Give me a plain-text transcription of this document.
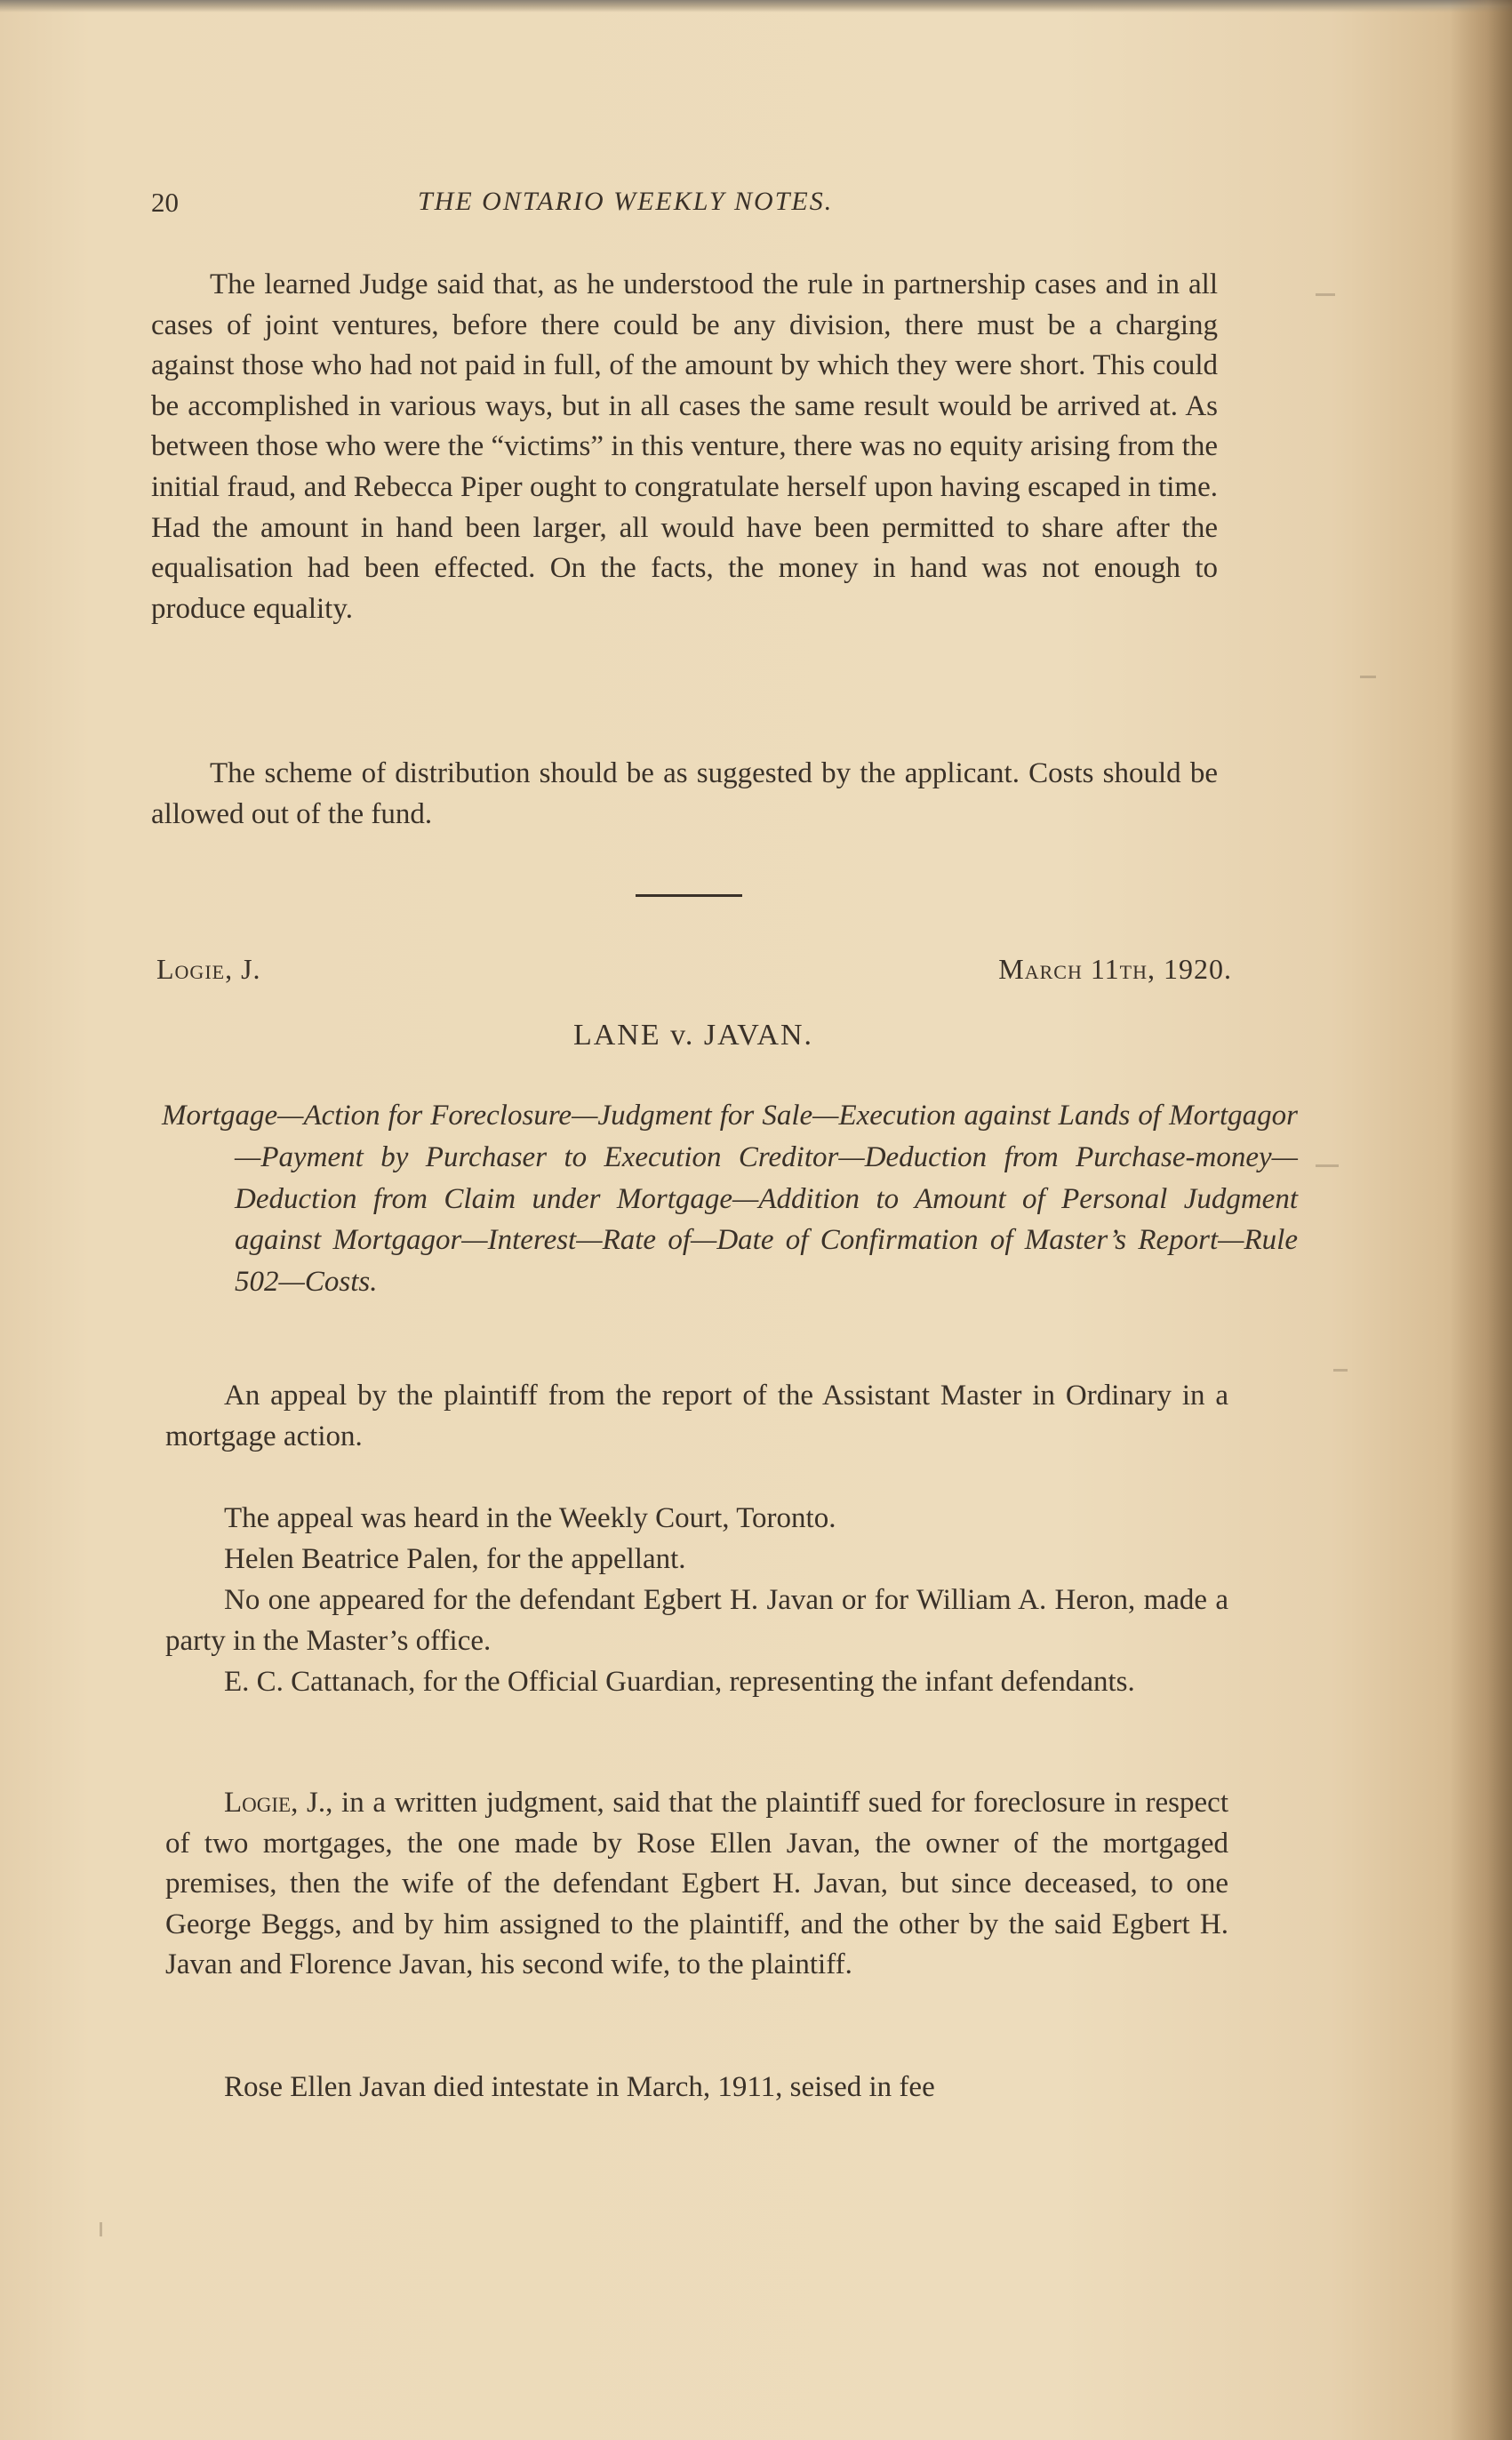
20	THE ONTARIO WEEKLY NOTES.

The learned Judge said that, as he understood the rule in partnership cases and in all cases of joint ventures, before there could be any division, there must be a charging against those who had not paid in full, of the amount by which they were short. This could be accomplished in various ways, but in all cases the same result would be arrived at. As between those who were the “victims” in this venture, there was no equity arising from the initial fraud, and Rebecca Piper ought to congratulate herself upon having escaped in time. Had the amount in hand been larger, all would have been permitted to share after the equalisation had been effected. On the facts, the money in hand was not enough to produce equality.

The scheme of distribution should be as suggested by the applicant. Costs should be allowed out of the fund.

Logie, J.	March 11th, 1920.
LANE v. JAVAN.
Mortgage—Action for Foreclosure—Judgment for Sale—Execution against Lands of Mortgagor—Payment by Purchaser to Execution Creditor—Deduction from Purchase-money—Deduction from Claim under Mortgage—Addition to Amount of Personal Judgment against Mortgagor—Interest—Rate of—Date of Confirmation of Master’s Report—Rule 502—Costs.

An appeal by the plaintiff from the report of the Assistant Master in Ordinary in a mortgage action.

The appeal was heard in the Weekly Court, Toronto.

Helen Beatrice Palen, for the appellant.

No one appeared for the defendant Egbert H. Javan or for William A. Heron, made a party in the Master’s office.

E. C. Cattanach, for the Official Guardian, representing the infant defendants.

Logie, J., in a written judgment, said that the plaintiff sued for foreclosure in respect of two mortgages, the one made by Rose Ellen Javan, the owner of the mortgaged premises, then the wife of the defendant Egbert H. Javan, but since deceased, to one George Beggs, and by him assigned to the plaintiff, and the other by the said Egbert H. Javan and Florence Javan, his second wife, to the plaintiff.

Rose Ellen Javan died intestate in March, 1911, seised in fee
